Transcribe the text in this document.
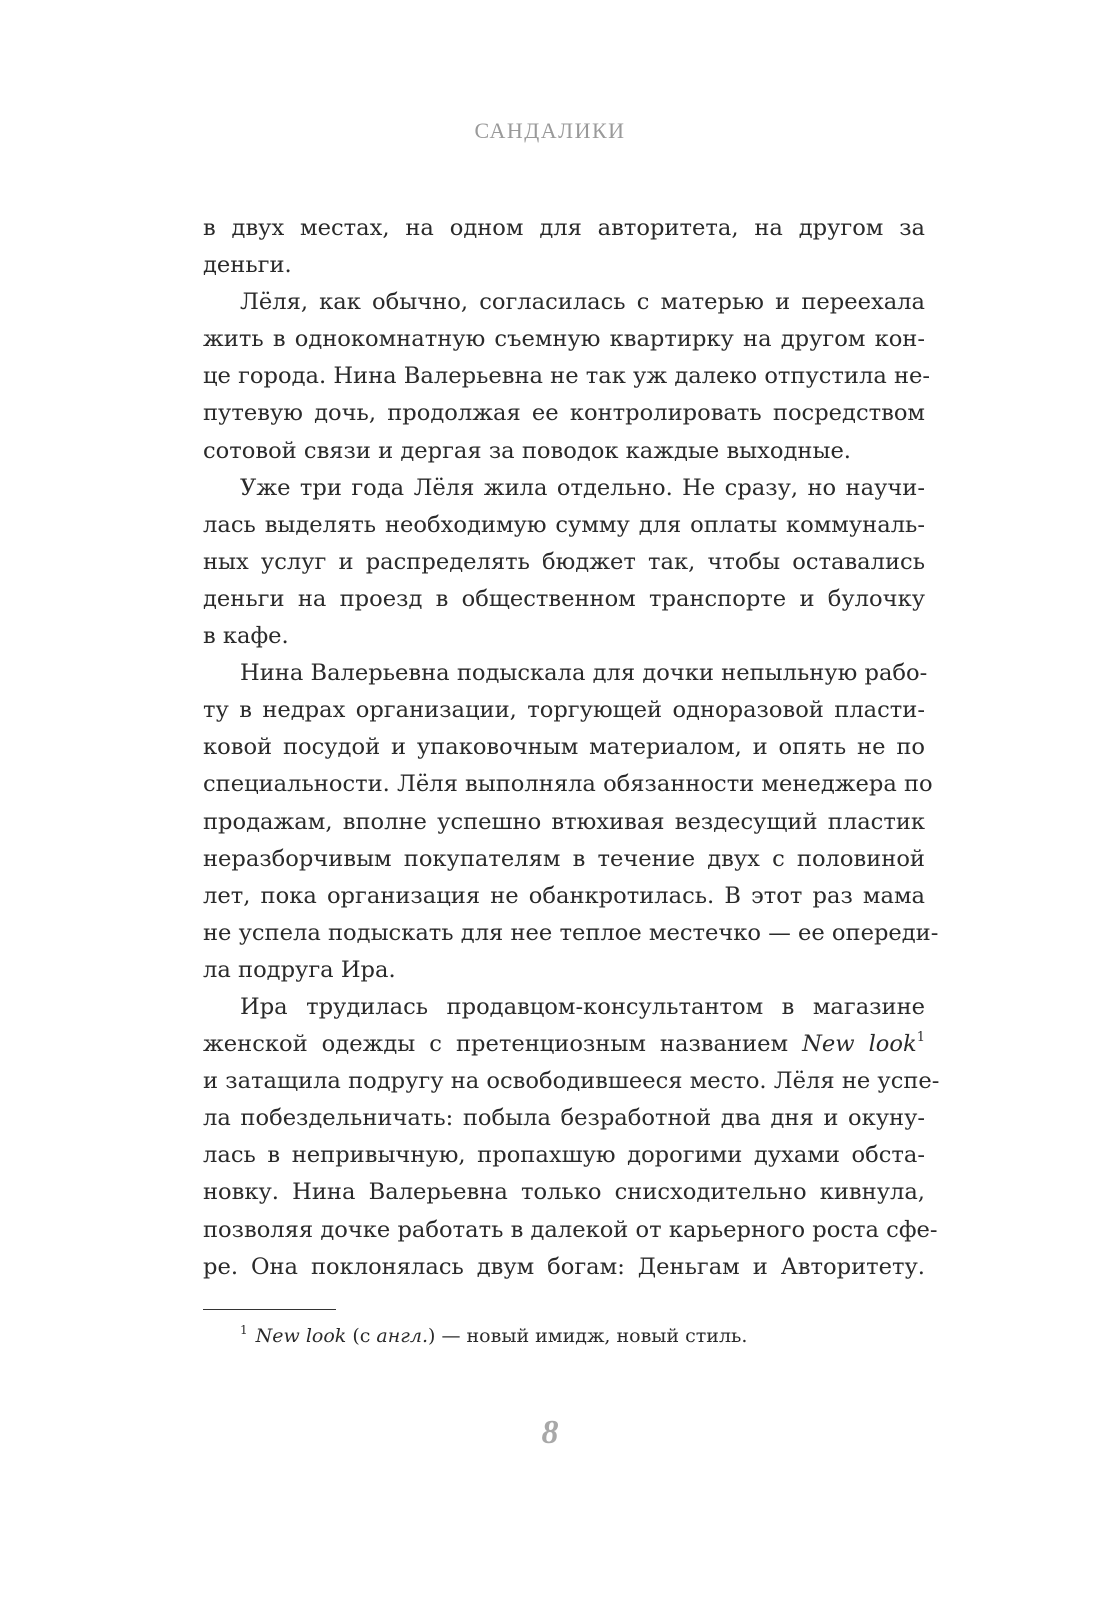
САНДАЛИКИ

в двух местах, на одном для авторитета, на другом за
деньги.

Лёля, как обычно, согласилась с матерью и переехала
жить в однокомнатную съемную квартирку на другом кон-
це города. Нина Валерьевна не так уж далеко отпустила не-
путевую дочь, продолжая ее контролировать посредством
сотовой связи и дергая за поводок каждые выходные.

Уже три года Лёля жила отдельно. Не сразу, но научи-
лась выделять необходимую сумму для оплаты коммуналь-
ных услуг и распределять бюджет так, чтобы оставались
деньги на проезд в общественном транспорте и булочку
в кафе.

Нина Валерьевна подыскала для дочки непыльную рабо-
ту в недрах организации, торгующей одноразовой пласти-
ковой посудой и упаковочным материалом, и опять не по
специальности. Лёля выполняла обязанности менеджера по
продажам, вполне успешно втюхивая вездесущий пластик
неразборчивым покупателям в течение двух с половиной
лет, пока организация не обанкротилась. В этот раз мама
не успела подыскать для нее теплое местечко — ее опереди-
ла подруга Ира.

Ира трудилась продавцом-консультантом в магазине
женской одежды с претенциозным названием New look$^1$
и затащила подругу на освободившееся место. Лёля не успе-
ла побездельничать: побыла безработной два дня и окуну-
лась в непривычную, пропахшую дорогими духами обста-
новку. Нина Валерьевна только снисходительно кивнула,
позволяя дочке работать в далекой от карьерного роста сфе-
ре. Она поклонялась двум богам: Деньгам и Авторитету.

$^1$ New look (с англ.) — новый имидж, новый стиль.
8
